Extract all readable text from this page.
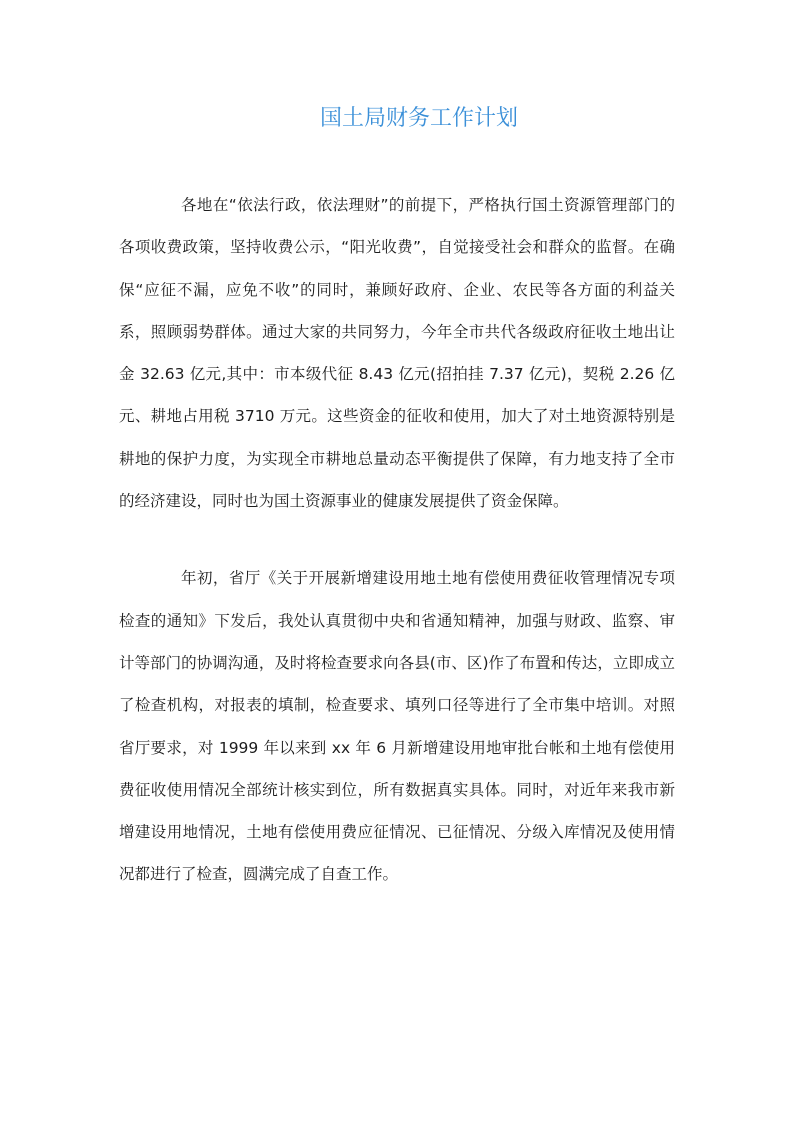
国土局财务工作计划

各地在“依法行政，依法理财”的前提下，严格执行国土资源管理部门的各项收费政策，坚持收费公示，“阳光收费”，自觉接受社会和群众的监督。在确保“应征不漏，应免不收”的同时，兼顾好政府、企业、农民等各方面的利益关系，照顾弱势群体。通过大家的共同努力，今年全市共代各级政府征收土地出让金 32.63 亿元,其中：市本级代征 8.43 亿元(招拍挂 7.37 亿元)，契税 2.26 亿元、耕地占用税 3710 万元。这些资金的征收和使用，加大了对土地资源特别是耕地的保护力度，为实现全市耕地总量动态平衡提供了保障，有力地支持了全市的经济建设，同时也为国土资源事业的健康发展提供了资金保障。

年初，省厅《关于开展新增建设用地土地有偿使用费征收管理情况专项检查的通知》下发后，我处认真贯彻中央和省通知精神，加强与财政、监察、审计等部门的协调沟通，及时将检查要求向各县(市、区)作了布置和传达，立即成立了检查机构，对报表的填制，检查要求、填列口径等进行了全市集中培训。对照省厅要求，对 1999 年以来到 xx 年 6 月新增建设用地审批台帐和土地有偿使用费征收使用情况全部统计核实到位，所有数据真实具体。同时，对近年来我市新增建设用地情况，土地有偿使用费应征情况、已征情况、分级入库情况及使用情况都进行了检查，圆满完成了自查工作。
